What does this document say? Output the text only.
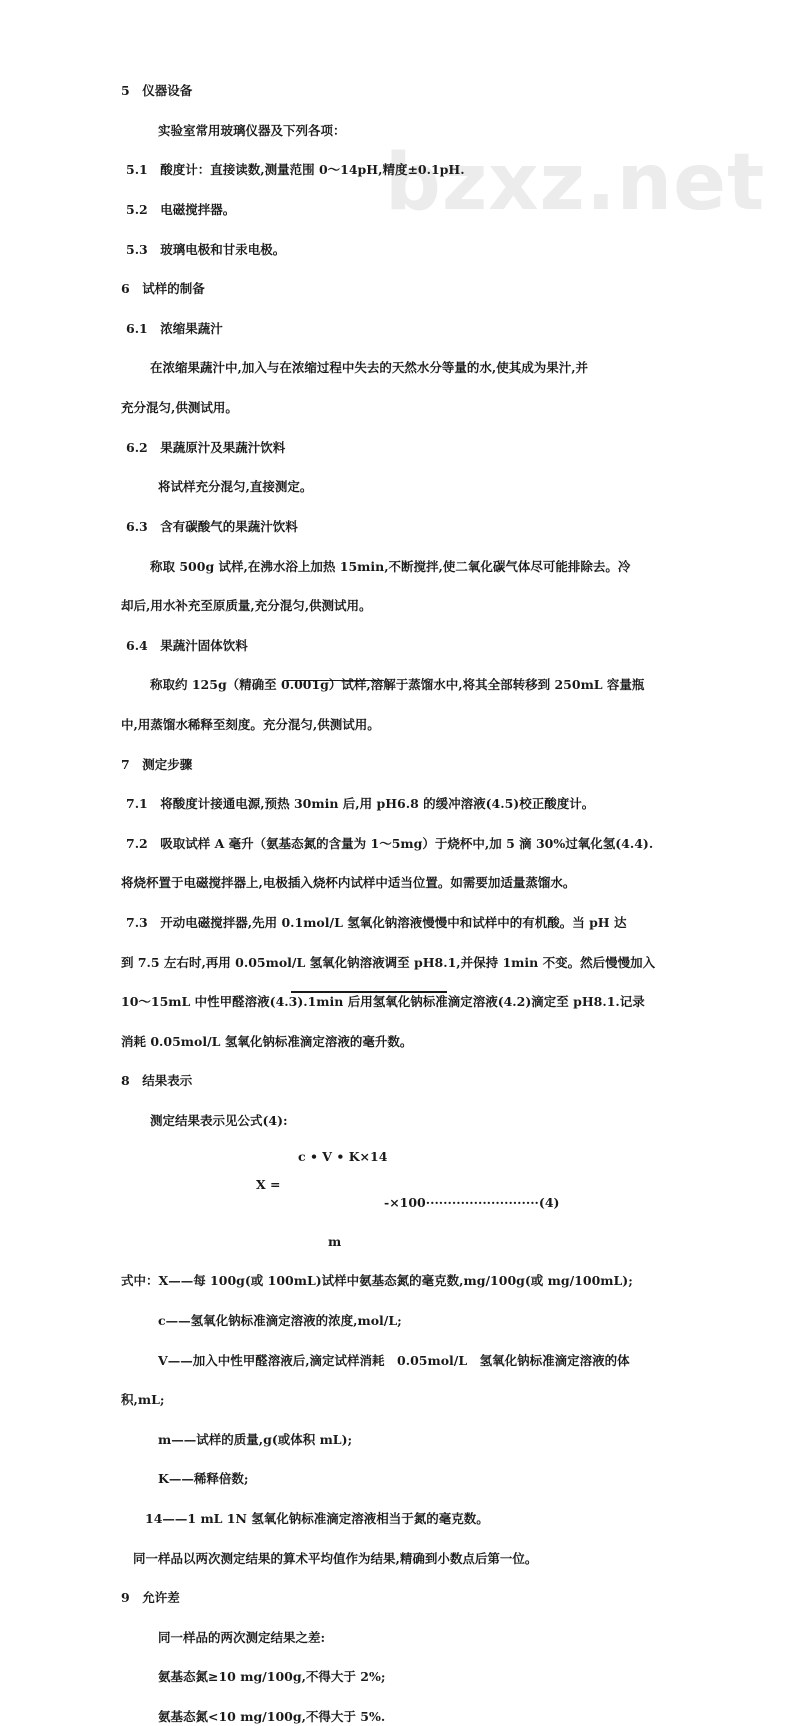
bzxz.net
5　仪器设备
实验室常用玻璃仪器及下列各项：
5.1　酸度计：直接读数,测量范围 0～14pH,精度±0.1pH.
5.2　电磁搅拌器。
5.3　玻璃电极和甘汞电极。
6　试样的制备
6.1　浓缩果蔬汁
在浓缩果蔬汁中,加入与在浓缩过程中失去的天然水分等量的水,使其成为果汁,并
充分混匀,供测试用。
6.2　果蔬原汁及果蔬汁饮料
将试样充分混匀,直接测定。
6.3　含有碳酸气的果蔬汁饮料
称取 500g 试样,在沸水浴上加热 15min,不断搅拌,使二氧化碳气体尽可能排除去。冷
却后,用水补充至原质量,充分混匀,供测试用。
6.4　果蔬汁固体饮料
称取约 125g（精确至 0.001g）试样,溶解于蒸馏水中,将其全部转移到 250mL 容量瓶
中,用蒸馏水稀释至刻度。充分混匀,供测试用。
7　测定步骤
7.1　将酸度计接通电源,预热 30min 后,用 pH6.8 的缓冲溶液(4.5)校正酸度计。
7.2　吸取试样 A 毫升（氨基态氮的含量为 1～5mg）于烧杯中,加 5 滴 30%过氧化氢(4.4).
将烧杯置于电磁搅拌器上,电极插入烧杯内试样中适当位置。如需要加适量蒸馏水。
7.3　开动电磁搅拌器,先用 0.1mol/L 氢氧化钠溶液慢慢中和试样中的有机酸。当 pH 达
到 7.5 左右时,再用 0.05mol/L 氢氧化钠溶液调至 pH8.1,并保持 1min 不变。然后慢慢加入
10～15mL 中性甲醛溶液(4.3).1min 后用氢氧化钠标准滴定溶液(4.2)滴定至 pH8.1.记录
消耗 0.05mol/L 氢氧化钠标准滴定溶液的毫升数。
8　结果表示
测定结果表示见公式(4):
c • V • K×14
X =
-×100··························(4)
m
式中：X——每 100g(或 100mL)试样中氨基态氮的毫克数,mg/100g(或 mg/100mL);
c——氢氧化钠标准滴定溶液的浓度,mol/L;
V——加入中性甲醛溶液后,滴定试样消耗　0.05mol/L　氢氧化钠标准滴定溶液的体
积,mL;
m——试样的质量,g(或体积 mL);
K——稀释倍数;
14——1 mL 1N 氢氧化钠标准滴定溶液相当于氮的毫克数。
同一样品以两次测定结果的算术平均值作为结果,精确到小数点后第一位。
9　允许差
同一样品的两次测定结果之差:
氨基态氮≥10 mg/100g,不得大于 2%;
氨基态氮<10 mg/100g,不得大于 5%.
